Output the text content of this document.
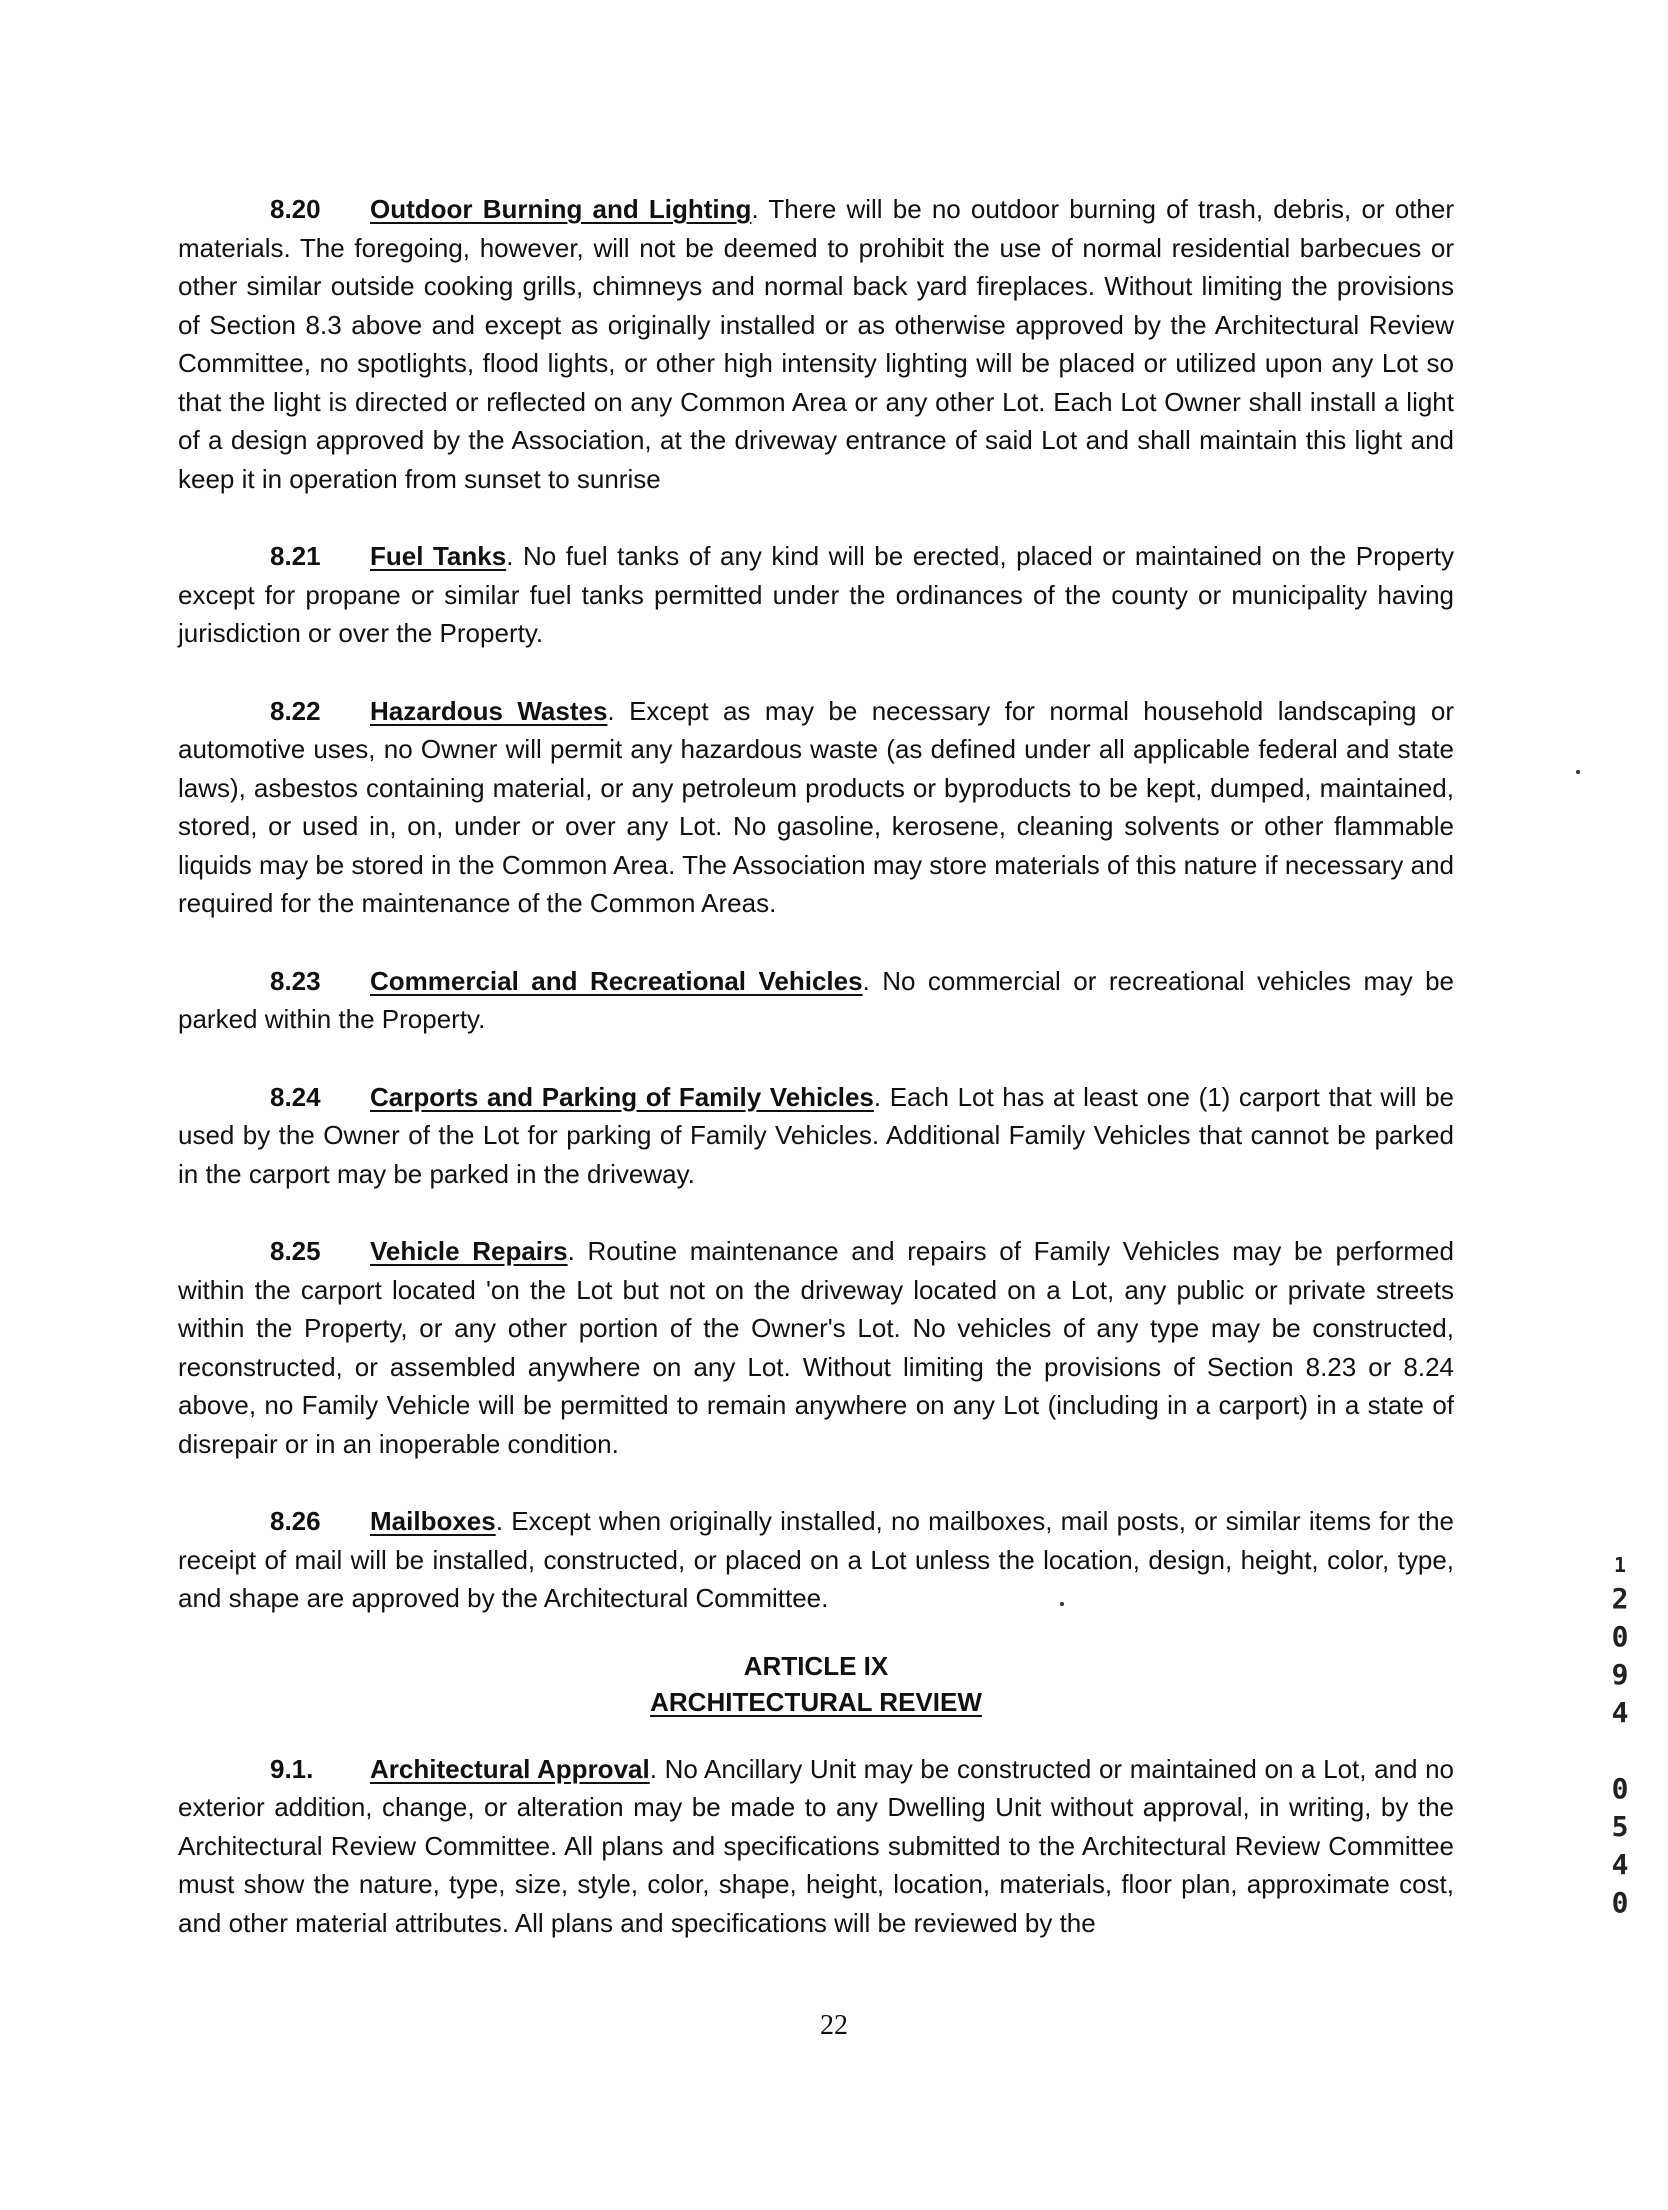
8.20 Outdoor Burning and Lighting. There will be no outdoor burning of trash, debris, or other materials. The foregoing, however, will not be deemed to prohibit the use of normal residential barbecues or other similar outside cooking grills, chimneys and normal back yard fireplaces. Without limiting the provisions of Section 8.3 above and except as originally installed or as otherwise approved by the Architectural Review Committee, no spotlights, flood lights, or other high intensity lighting will be placed or utilized upon any Lot so that the light is directed or reflected on any Common Area or any other Lot. Each Lot Owner shall install a light of a design approved by the Association, at the driveway entrance of said Lot and shall maintain this light and keep it in operation from sunset to sunrise

8.21 Fuel Tanks. No fuel tanks of any kind will be erected, placed or maintained on the Property except for propane or similar fuel tanks permitted under the ordinances of the county or municipality having jurisdiction or over the Property.

8.22 Hazardous Wastes. Except as may be necessary for normal household landscaping or automotive uses, no Owner will permit any hazardous waste (as defined under all applicable federal and state laws), asbestos containing material, or any petroleum products or byproducts to be kept, dumped, maintained, stored, or used in, on, under or over any Lot. No gasoline, kerosene, cleaning solvents or other flammable liquids may be stored in the Common Area. The Association may store materials of this nature if necessary and required for the maintenance of the Common Areas.

8.23 Commercial and Recreational Vehicles. No commercial or recreational vehicles may be parked within the Property.

8.24 Carports and Parking of Family Vehicles. Each Lot has at least one (1) carport that will be used by the Owner of the Lot for parking of Family Vehicles. Additional Family Vehicles that cannot be parked in the carport may be parked in the driveway.

8.25 Vehicle Repairs. Routine maintenance and repairs of Family Vehicles may be performed within the carport located 'on the Lot but not on the driveway located on a Lot, any public or private streets within the Property, or any other portion of the Owner's Lot. No vehicles of any type may be constructed, reconstructed, or assembled anywhere on any Lot. Without limiting the provisions of Section 8.23 or 8.24 above, no Family Vehicle will be permitted to remain anywhere on any Lot (including in a carport) in a state of disrepair or in an inoperable condition.

8.26 Mailboxes. Except when originally installed, no mailboxes, mail posts, or similar items for the receipt of mail will be installed, constructed, or placed on a Lot unless the location, design, height, color, type, and shape are approved by the Architectural Committee.

ARTICLE IX
ARCHITECTURAL REVIEW

9.1. Architectural Approval. No Ancillary Unit may be constructed or maintained on a Lot, and no exterior addition, change, or alteration may be made to any Dwelling Unit without approval, in writing, by the Architectural Review Committee. All plans and specifications submitted to the Architectural Review Committee must show the nature, type, size, style, color, shape, height, location, materials, floor plan, approximate cost, and other material attributes. All plans and specifications will be reviewed by the

1
2
0
9
4
0
5
4
0
22
